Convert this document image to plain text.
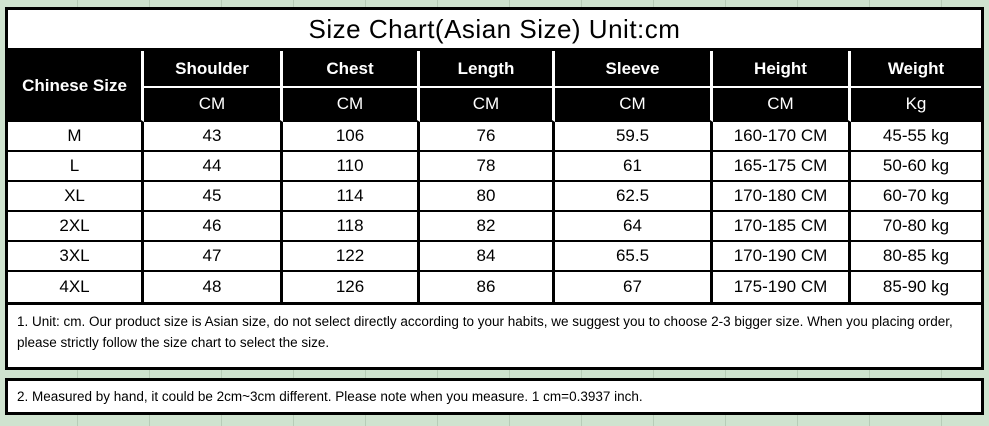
Size Chart(Asian Size) Unit:cm
Chinese Size	Shoulder	Chest	Length	Sleeve	Height	Weight
	CM	CM	CM	CM	CM	Kg
M	43	106	76	59.5	160-170 CM	45-55 kg
L	44	110	78	61	165-175 CM	50-60 kg
XL	45	114	80	62.5	170-180 CM	60-70 kg
2XL	46	118	82	64	170-185 CM	70-80 kg
3XL	47	122	84	65.5	170-190 CM	80-85 kg
4XL	48	126	86	67	175-190 CM	85-90 kg
1. Unit: cm. Our product size is Asian size, do not select directly according to your habits, we suggest you to choose 2-3 bigger size. When you placing order, please strictly follow the size chart to select the size.
2. Measured by hand, it could be 2cm~3cm different. Please note when you measure. 1 cm=0.3937 inch.
